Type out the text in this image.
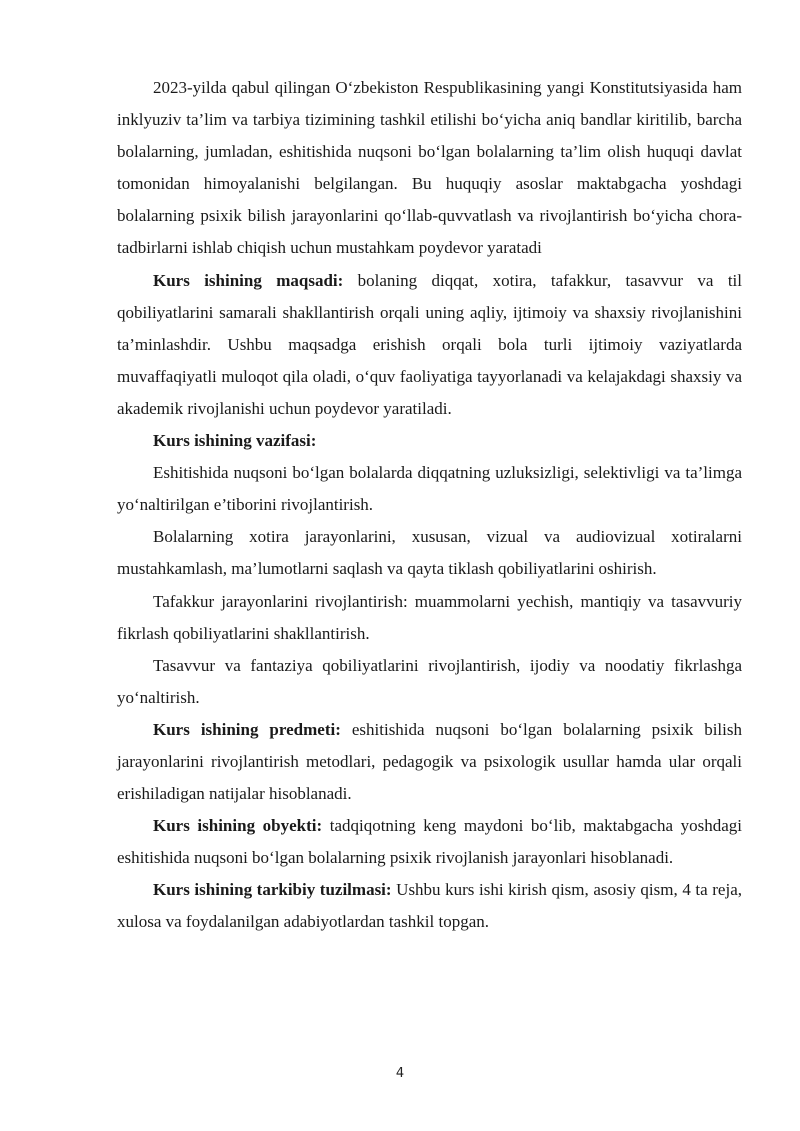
2023-yilda qabul qilingan O‘zbekiston Respublikasining yangi Konstitutsiyasida ham inklyuziv ta’lim va tarbiya tizimining tashkil etilishi bo‘yicha aniq bandlar kiritilib, barcha bolalarning, jumladan, eshitishida nuqsoni bo‘lgan bolalarning ta’lim olish huquqi davlat tomonidan himoyalanishi belgilangan. Bu huquqiy asoslar maktabgacha yoshdagi bolalarning psixik bilish jarayonlarini qo‘llab-quvvatlash va rivojlantirish bo‘yicha chora-tadbirlarni ishlab chiqish uchun mustahkam poydevor yaratadi

Kurs ishining maqsadi: bolaning diqqat, xotira, tafakkur, tasavvur va til qobiliyatlarini samarali shakllantirish orqali uning aqliy, ijtimoiy va shaxsiy rivojlanishini ta’minlashdir. Ushbu maqsadga erishish orqali bola turli ijtimoiy vaziyatlarda muvaffaqiyatli muloqot qila oladi, o‘quv faoliyatiga tayyorlanadi va kelajakdagi shaxsiy va akademik rivojlanishi uchun poydevor yaratiladi.

Kurs ishining vazifasi:

Eshitishida nuqsoni bo‘lgan bolalarda diqqatning uzluksizligi, selektivligi va ta’limga yo‘naltirilgan e’tiborini rivojlantirish.

Bolalarning xotira jarayonlarini, xususan, vizual va audiovizual xotiralarni mustahkamlash, ma’lumotlarni saqlash va qayta tiklash qobiliyatlarini oshirish.

Tafakkur jarayonlarini rivojlantirish: muammolarni yechish, mantiqiy va tasavvuriy fikrlash qobiliyatlarini shakllantirish.

Tasavvur va fantaziya qobiliyatlarini rivojlantirish, ijodiy va noodatiy fikrlashga yo‘naltirish.

Kurs ishining predmeti: eshitishida nuqsoni bo‘lgan bolalarning psixik bilish jarayonlarini rivojlantirish metodlari, pedagogik va psixologik usullar hamda ular orqali erishiladigan natijalar hisoblanadi.

Kurs ishining obyekti: tadqiqotning keng maydoni bo‘lib, maktabgacha yoshdagi eshitishida nuqsoni bo‘lgan bolalarning psixik rivojlanish jarayonlari hisoblanadi.

Kurs ishining tarkibiy tuzilmasi: Ushbu kurs ishi kirish qism, asosiy qism, 4 ta reja, xulosa va foydalanilgan adabiyotlardan tashkil topgan.

4
